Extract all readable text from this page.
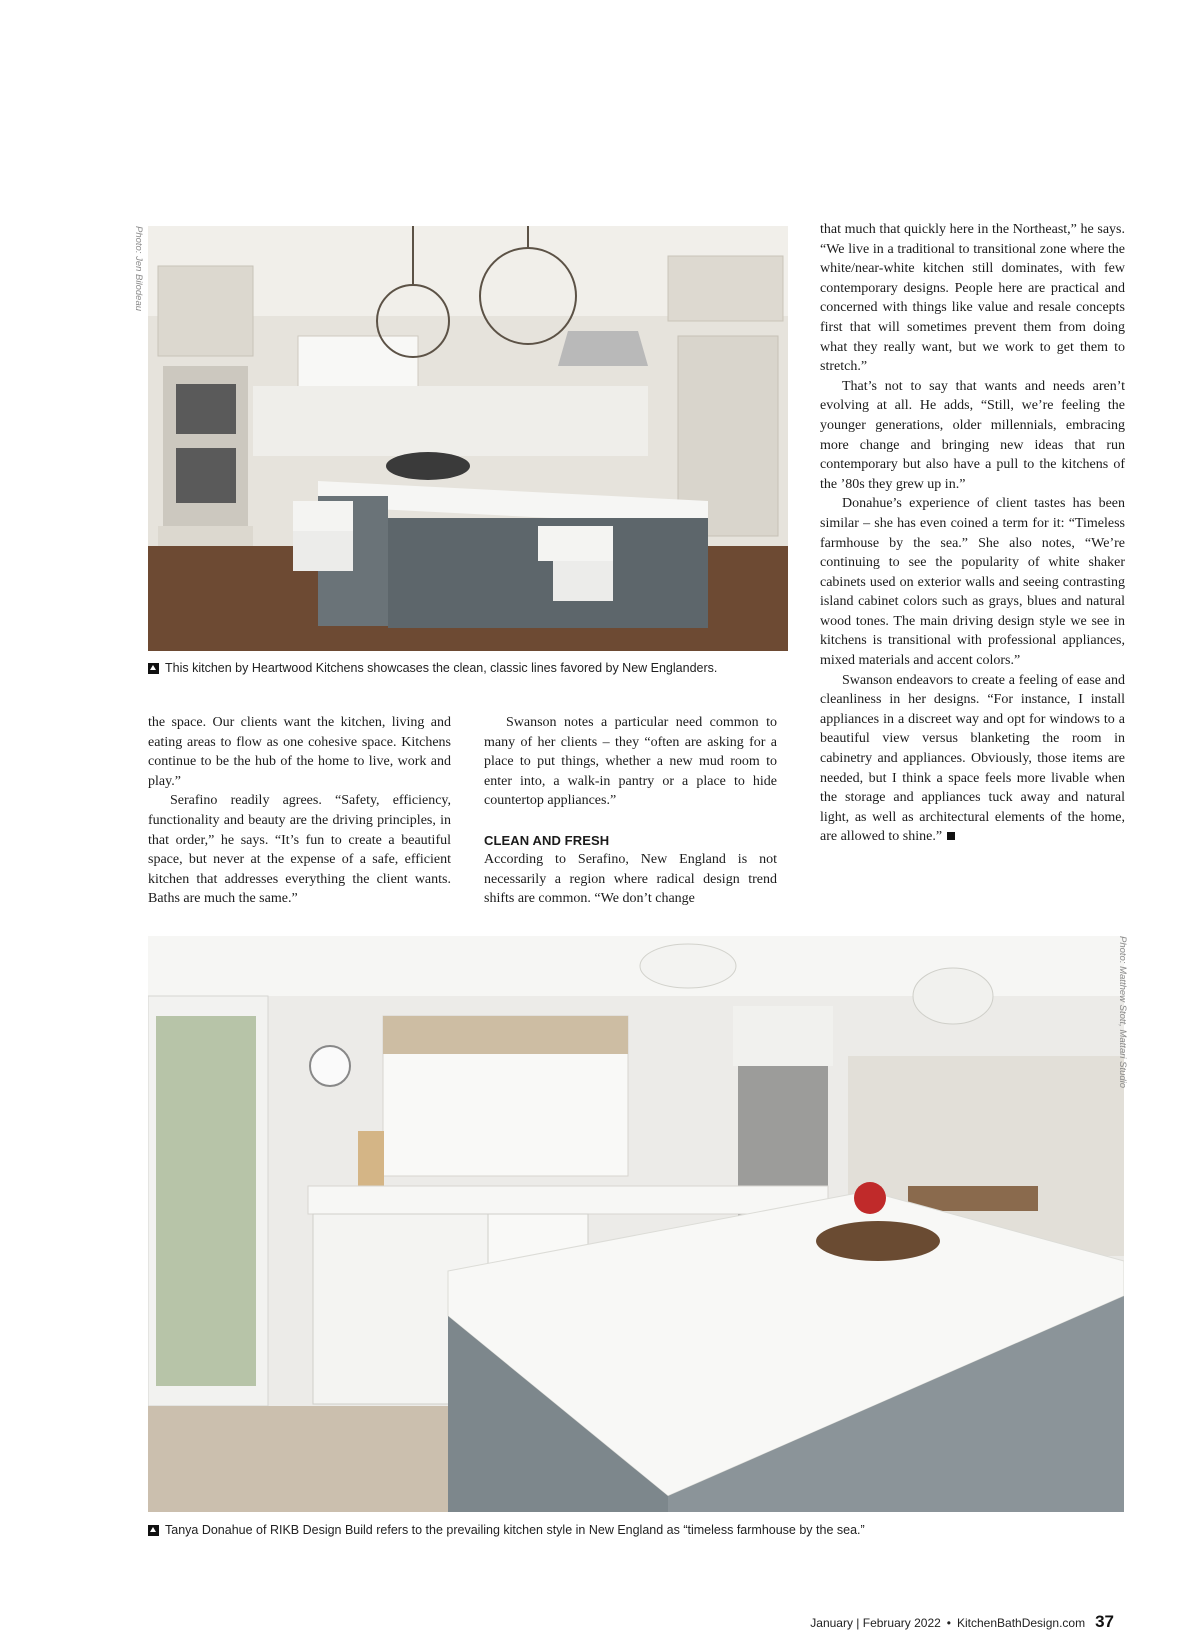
Photo: Jen Bilodeau
This kitchen by Heartwood Kitchens showcases the clean, classic lines favored by New Englanders.

the space. Our clients want the kitchen, living and eating areas to flow as one cohesive space. Kitchens continue to be the hub of the home to live, work and play.”

Serafino readily agrees. “Safety, efficiency, functionality and beauty are the driving principles, in that order,” he says. “It’s fun to create a beautiful space, but never at the expense of a safe, efficient kitchen that addresses everything the client wants. Baths are much the same.”

Swanson notes a particular need common to many of her clients – they “often are asking for a place to put things, whether a new mud room to enter into, a walk-in pantry or a place to hide countertop appliances.”

CLEAN AND FRESH

According to Serafino, New England is not necessarily a region where radical design trend shifts are common. “We don’t change

that much that quickly here in the Northeast,” he says. “We live in a traditional to transitional zone where the white/near-white kitchen still dominates, with few contemporary designs. People here are practical and concerned with things like value and resale concepts first that will sometimes prevent them from doing what they really want, but we work to get them to stretch.”

That’s not to say that wants and needs aren’t evolving at all. He adds, “Still, we’re feeling the younger generations, older millennials, embracing more change and bringing new ideas that run contemporary but also have a pull to the kitchens of the ’80s they grew up in.”

Donahue’s experience of client tastes has been similar – she has even coined a term for it: “Timeless farmhouse by the sea.” She also notes, “We’re continuing to see the popularity of white shaker cabinets used on exterior walls and seeing contrasting island cabinet colors such as grays, blues and natural wood tones. The main driving design style we see in kitchens is transitional with professional appliances, mixed materials and accent colors.”

Swanson endeavors to create a feeling of ease and cleanliness in her designs. “For instance, I install appliances in a discreet way and opt for windows to a beautiful view versus blanketing the room in cabinetry and appliances. Obviously, those items are needed, but I think a space feels more livable when the storage and appliances tuck away and natural light, as well as architectural elements of the home, are allowed to shine.”

Photo: Matthew Stott, Mattari Studio
Tanya Donahue of RIKB Design Build refers to the prevailing kitchen style in New England as “timeless farmhouse by the sea.”
January | February 2022 • KitchenBathDesign.com 37
